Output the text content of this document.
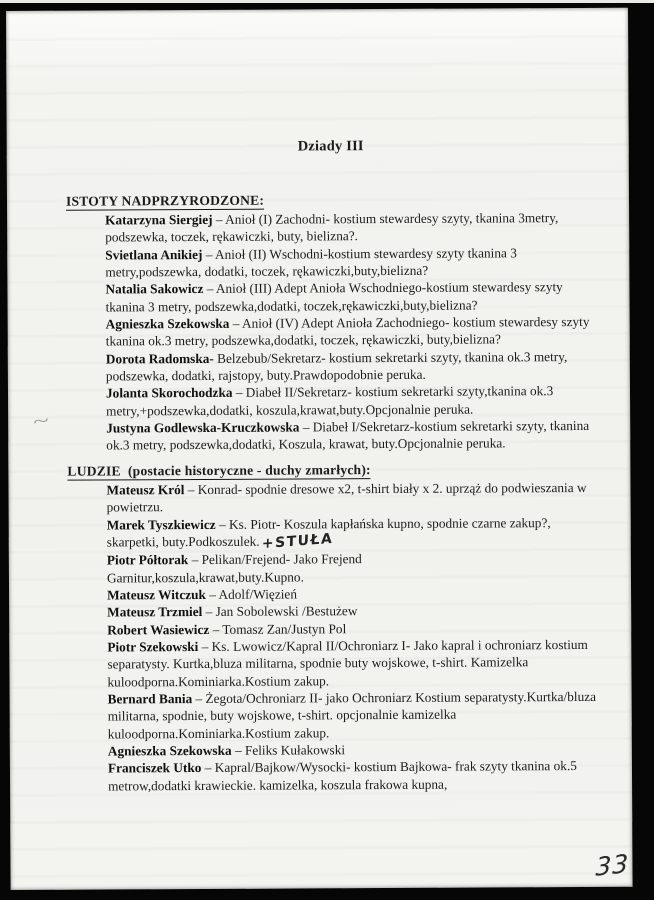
~
Dziady III
ISTOTY NADPRZYRODZONE:

Katarzyna Siergiej – Anioł (I) Zachodni- kostium stewardesy szyty, tkanina 3metry, podszewka, toczek, rękawiczki, buty, bielizna?.

Svietlana Anikiej – Anioł (II) Wschodni-kostium stewardesy szyty tkanina 3 metry,podszewka, dodatki, toczek, rękawiczki,buty,bielizna?

Natalia Sakowicz – Anioł (III) Adept Anioła Wschodniego-kostium stewardesy szyty tkanina 3 metry, podszewka,dodatki, toczek,rękawiczki,buty,bielizna?

Agnieszka Szekowska – Anioł (IV) Adept Anioła Zachodniego- kostium stewardesy szyty tkanina ok.3 metry, podszewka,dodatki, toczek, rękawiczki, buty,bielizna?

Dorota Radomska- Belzebub/Sekretarz- kostium sekretarki szyty, tkanina ok.3 metry, podszewka, dodatki, rajstopy, buty.Prawdopodobnie peruka.

Jolanta Skorochodzka – Diabeł II/Sekretarz- kostium sekretarki szyty,tkanina ok.3 metry,+podszewka,dodatki, koszula,krawat,buty.Opcjonalnie peruka.

Justyna Godlewska-Kruczkowska – Diabeł I/Sekretarz-kostium sekretarki szyty, tkanina ok.3 metry, podszewka,dodatki, Koszula, krawat, buty.Opcjonalnie peruka.

LUDZIE  (postacie historyczne - duchy zmarłych):

Mateusz Król – Konrad- spodnie dresowe x2, t-shirt biały x 2. uprząż do podwieszania w powietrzu.

Marek Tyszkiewicz – Ks. Piotr- Koszula kapłańska kupno, spodnie czarne zakup?, skarpetki, buty.Podkoszulek. +STUŁA

Piotr Półtorak – Pelikan/Frejend- Jako Frejend
Garnitur,koszula,krawat,buty.Kupno.

Mateusz Witczuk – Adolf/Więzień

Mateusz Trzmiel – Jan Sobolewski /Bestużew

Robert Wasiewicz – Tomasz Zan/Justyn Pol

Piotr Szekowski – Ks. Lwowicz/Kapral II/Ochroniarz I- Jako kapral i ochroniarz kostium separatysty. Kurtka,bluza militarna, spodnie buty wojskowe, t-shirt. Kamizelka kuloodporna.Kominiarka.Kostium zakup.

Bernard Bania – Żegota/Ochroniarz II- jako Ochroniarz Kostium separatysty.Kurtka/bluza militarna, spodnie, buty wojskowe, t-shirt. opcjonalnie kamizelka kuloodporna.Kominiarka.Kostium zakup.

Agnieszka Szekowska – Feliks Kułakowski

Franciszek Utko – Kapral/Bajkow/Wysocki- kostium Bajkowa- frak szyty tkanina ok.5 metrow,dodatki krawieckie. kamizelka, koszula frakowa kupna,

33
